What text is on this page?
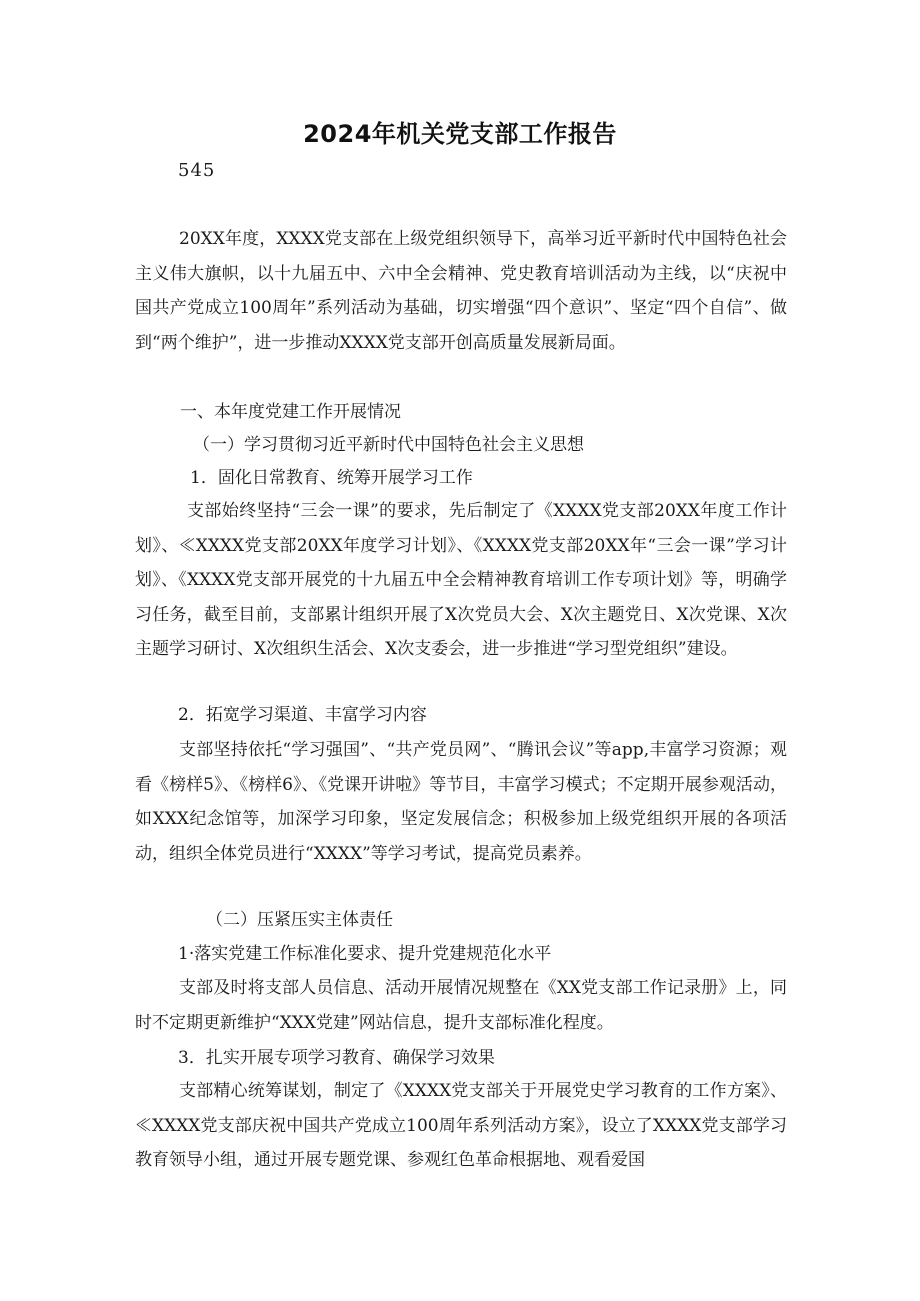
2024年机关党支部工作报告
545

20XX年度，XXXX党支部在上级党组织领导下，高举习近平新时代中国特色社会主义伟大旗帜，以十九届五中、六中全会精神、党史教育培训活动为主线，以“庆祝中国共产党成立100周年”系列活动为基础，切实增强“四个意识”、坚定“四个自信”、做到“两个维护”，进一步推动XXXX党支部开创高质量发展新局面。

一、本年度党建工作开展情况
（一）学习贯彻习近平新时代中国特色社会主义思想
1．固化日常教育、统筹开展学习工作

支部始终坚持“三会一课”的要求，先后制定了《XXXX党支部20XX年度工作计划》、≪XXXX党支部20XX年度学习计划》、《XXXX党支部20XX年“三会一课”学习计划》、《XXXX党支部开展党的十九届五中全会精神教育培训工作专项计划》等，明确学习任务，截至目前，支部累计组织开展了X次党员大会、X次主题党日、X次党课、X次主题学习研讨、X次组织生活会、X次支委会，进一步推进“学习型党组织”建设。

2．拓宽学习渠道、丰富学习内容

支部坚持依托“学习强国”、“共产党员网”、“腾讯会议”等app,丰富学习资源；观看《榜样5》、《榜样6》、《党课开讲啦》等节目，丰富学习模式；不定期开展参观活动，如XXX纪念馆等，加深学习印象，坚定发展信念；积极参加上级党组织开展的各项活动，组织全体党员进行“XXXX”等学习考试，提高党员素养。

（二）压紧压实主体责任
1·落实党建工作标准化要求、提升党建规范化水平

支部及时将支部人员信息、活动开展情况规整在《XX党支部工作记录册》上，同时不定期更新维护“XXX党建”网站信息，提升支部标准化程度。

3．扎实开展专项学习教育、确保学习效果

支部精心统筹谋划，制定了《XXXX党支部关于开展党史学习教育的工作方案》、≪XXXX党支部庆祝中国共产党成立100周年系列活动方案》，设立了XXXX党支部学习教育领导小组，通过开展专题党课、参观红色革命根据地、观看爱国
